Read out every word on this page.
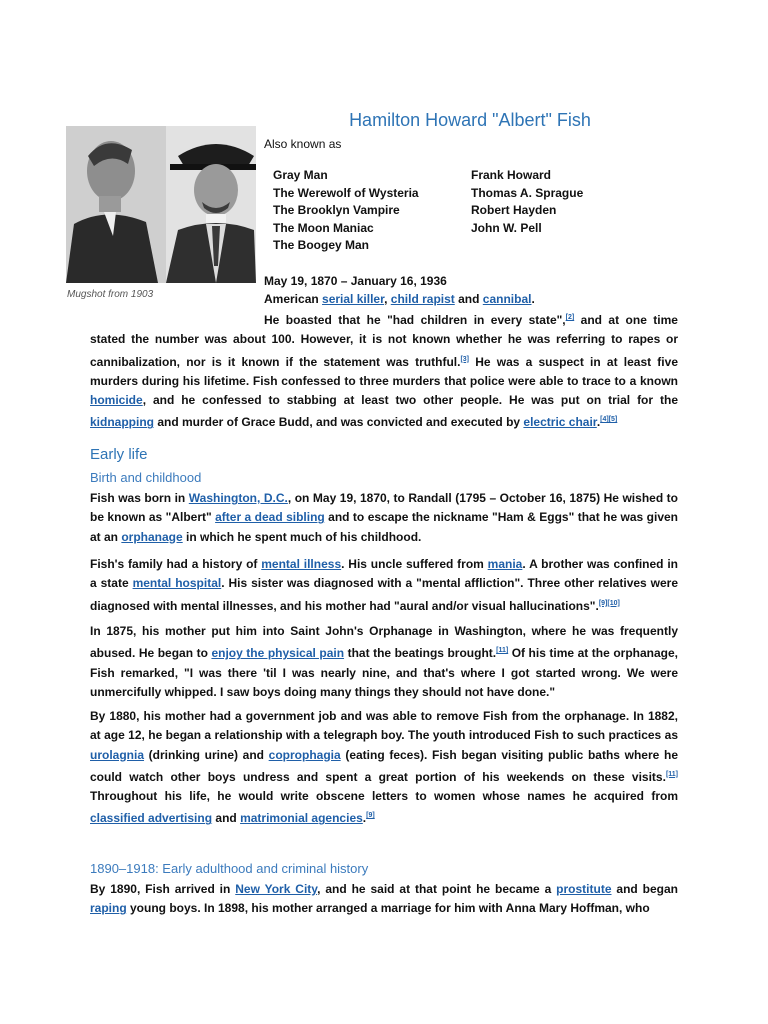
Hamilton Howard "Albert" Fish
Mugshot from 1903
Also known as
Gray Man
The Werewolf of Wysteria
The Brooklyn Vampire
The Moon Maniac
The Boogey Man
Frank Howard
Thomas A. Sprague
Robert Hayden
John W. Pell
May 19, 1870 – January 16, 1936
American serial killer, child rapist and cannibal.
He boasted that he "had children in every state",[2] and at one time stated the number was about 100. However, it is not known whether he was referring to rapes or cannibalization, nor is it known if the statement was truthful.[3] He was a suspect in at least five murders during his lifetime. Fish confessed to three murders that police were able to trace to a known homicide, and he confessed to stabbing at least two other people. He was put on trial for the kidnapping and murder of Grace Budd, and was convicted and executed by electric chair.[4][5]
Early life
Birth and childhood
Fish was born in Washington, D.C., on May 19, 1870, to Randall (1795 – October 16, 1875) He wished to be known as "Albert" after a dead sibling and to escape the nickname "Ham & Eggs" that he was given at an orphanage in which he spent much of his childhood.
Fish's family had a history of mental illness. His uncle suffered from mania. A brother was confined in a state mental hospital. His sister was diagnosed with a "mental affliction". Three other relatives were diagnosed with mental illnesses, and his mother had "aural and/or visual hallucinations".[9][10]
In 1875, his mother put him into Saint John's Orphanage in Washington, where he was frequently abused. He began to enjoy the physical pain that the beatings brought.[11] Of his time at the orphanage, Fish remarked, "I was there 'til I was nearly nine, and that's where I got started wrong. We were unmercifully whipped. I saw boys doing many things they should not have done."
By 1880, his mother had a government job and was able to remove Fish from the orphanage. In 1882, at age 12, he began a relationship with a telegraph boy. The youth introduced Fish to such practices as urolagnia (drinking urine) and coprophagia (eating feces). Fish began visiting public baths where he could watch other boys undress and spent a great portion of his weekends on these visits.[11] Throughout his life, he would write obscene letters to women whose names he acquired from classified advertising and matrimonial agencies.[9]
1890–1918: Early adulthood and criminal history
By 1890, Fish arrived in New York City, and he said at that point he became a prostitute and began raping young boys. In 1898, his mother arranged a marriage for him with Anna Mary Hoffman, who
